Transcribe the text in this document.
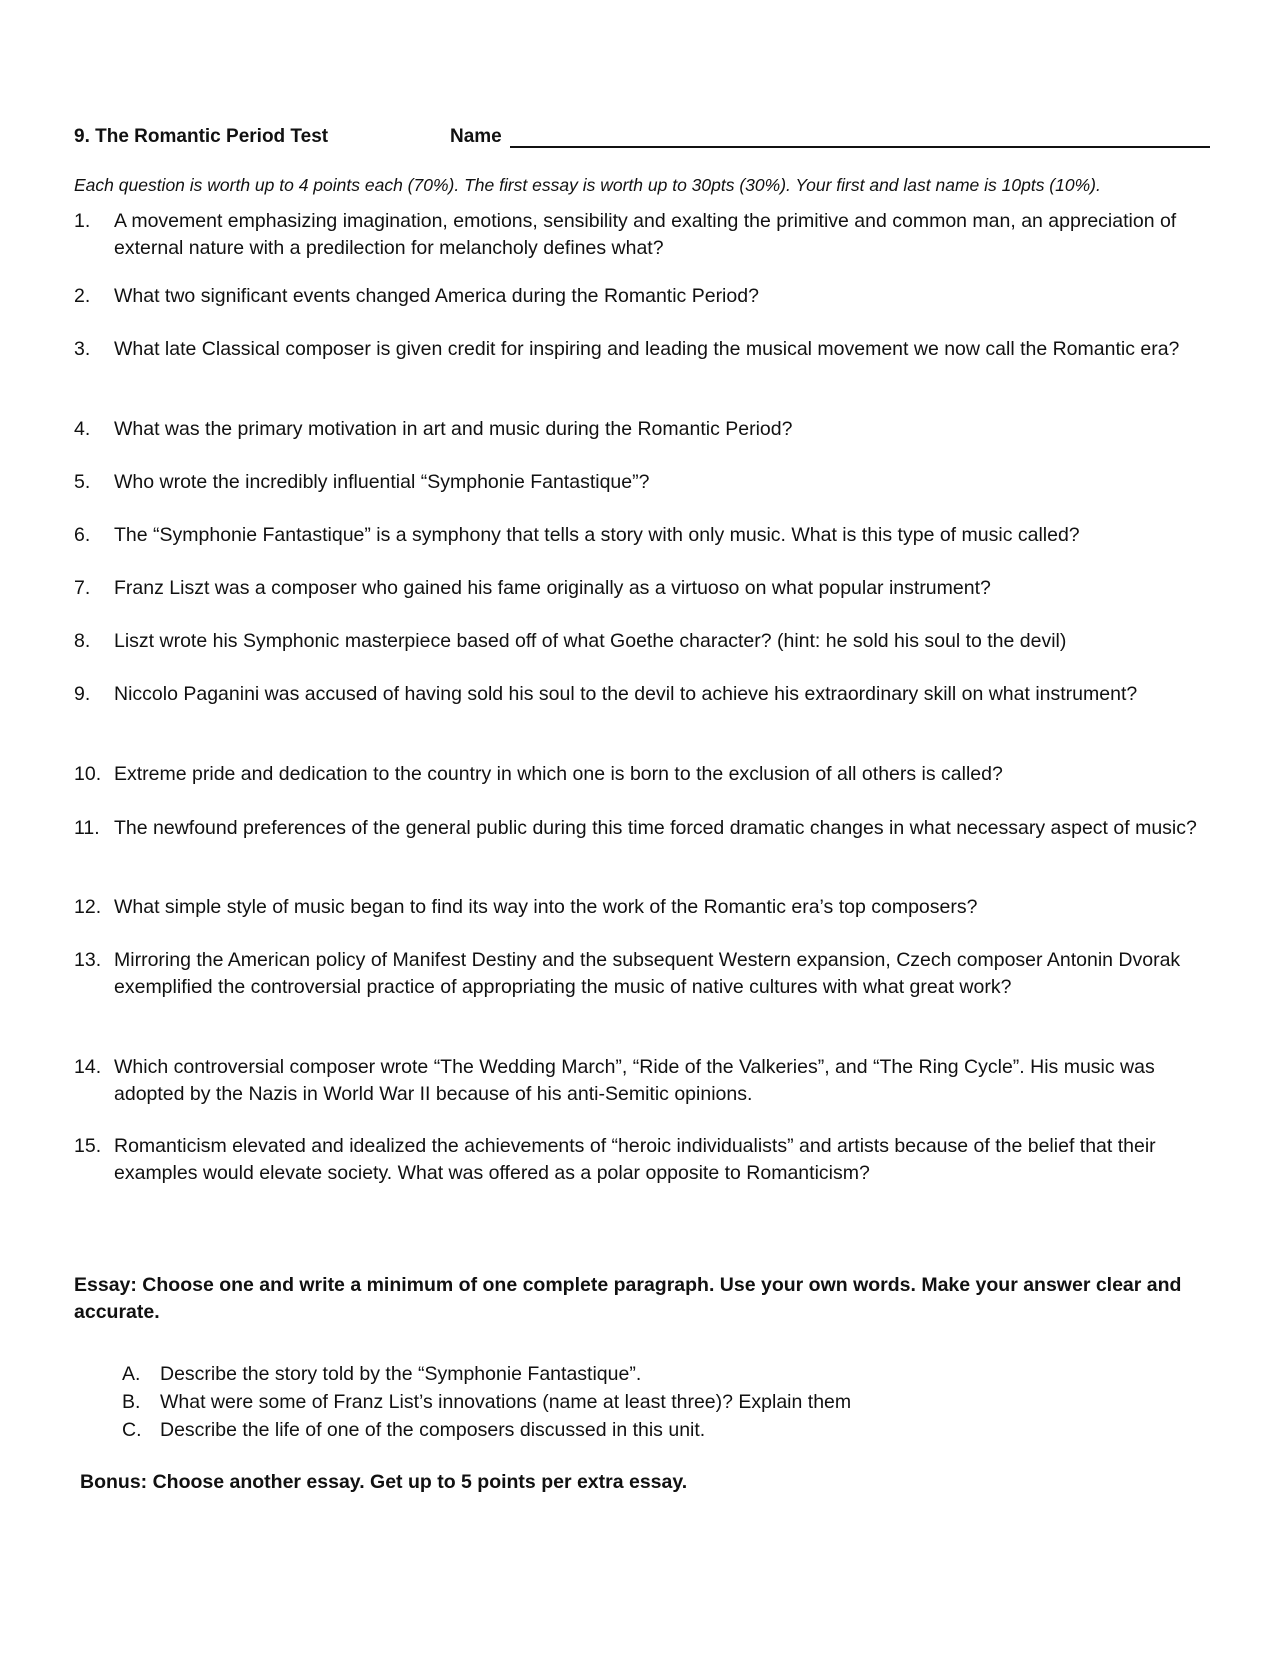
9. The Romantic Period Test	Name
Each question is worth up to 4 points each (70%). The first essay is worth up to 30pts (30%). Your first and last name is 10pts (10%).
1.	A movement emphasizing imagination, emotions, sensibility and exalting the primitive and common man, an appreciation of external nature with a predilection for melancholy defines what?
2.	What two significant events changed America during the Romantic Period?
3.	What late Classical composer is given credit for inspiring and leading the musical movement we now call the Romantic era?
4.	What was the primary motivation in art and music during the Romantic Period?
5.	Who wrote the incredibly influential “Symphonie Fantastique”?
6.	The “Symphonie Fantastique” is a symphony that tells a story with only music. What is this type of music called?
7.	Franz Liszt was a composer who gained his fame originally as a virtuoso on what popular instrument?
8.	Liszt wrote his Symphonic masterpiece based off of what Goethe character? (hint: he sold his soul to the devil)
9.	Niccolo Paganini was accused of having sold his soul to the devil to achieve his extraordinary skill on what instrument?
10. Extreme pride and dedication to the country in which one is born to the exclusion of all others is called?
11. The newfound preferences of the general public during this time forced dramatic changes in what necessary aspect of music?
12. What simple style of music began to find its way into the work of the Romantic era’s top composers?
13. Mirroring the American policy of Manifest Destiny and the subsequent Western expansion, Czech composer Antonin Dvorak exemplified the controversial practice of appropriating the music of native cultures with what great work?
14. Which controversial composer wrote “The Wedding March”, “Ride of the Valkeries”, and “The Ring Cycle”. His music was adopted by the Nazis in World War II because of his anti-Semitic opinions.
15. Romanticism elevated and idealized the achievements of “heroic individualists” and artists because of the belief that their examples would elevate society. What was offered as a polar opposite to Romanticism?
Essay: Choose one and write a minimum of one complete paragraph. Use your own words. Make your answer clear and accurate.
A. Describe the story told by the “Symphonie Fantastique”.
B. What were some of Franz List’s innovations (name at least three)? Explain them
C. Describe the life of one of the composers discussed in this unit.
Bonus: Choose another essay. Get up to 5 points per extra essay.
